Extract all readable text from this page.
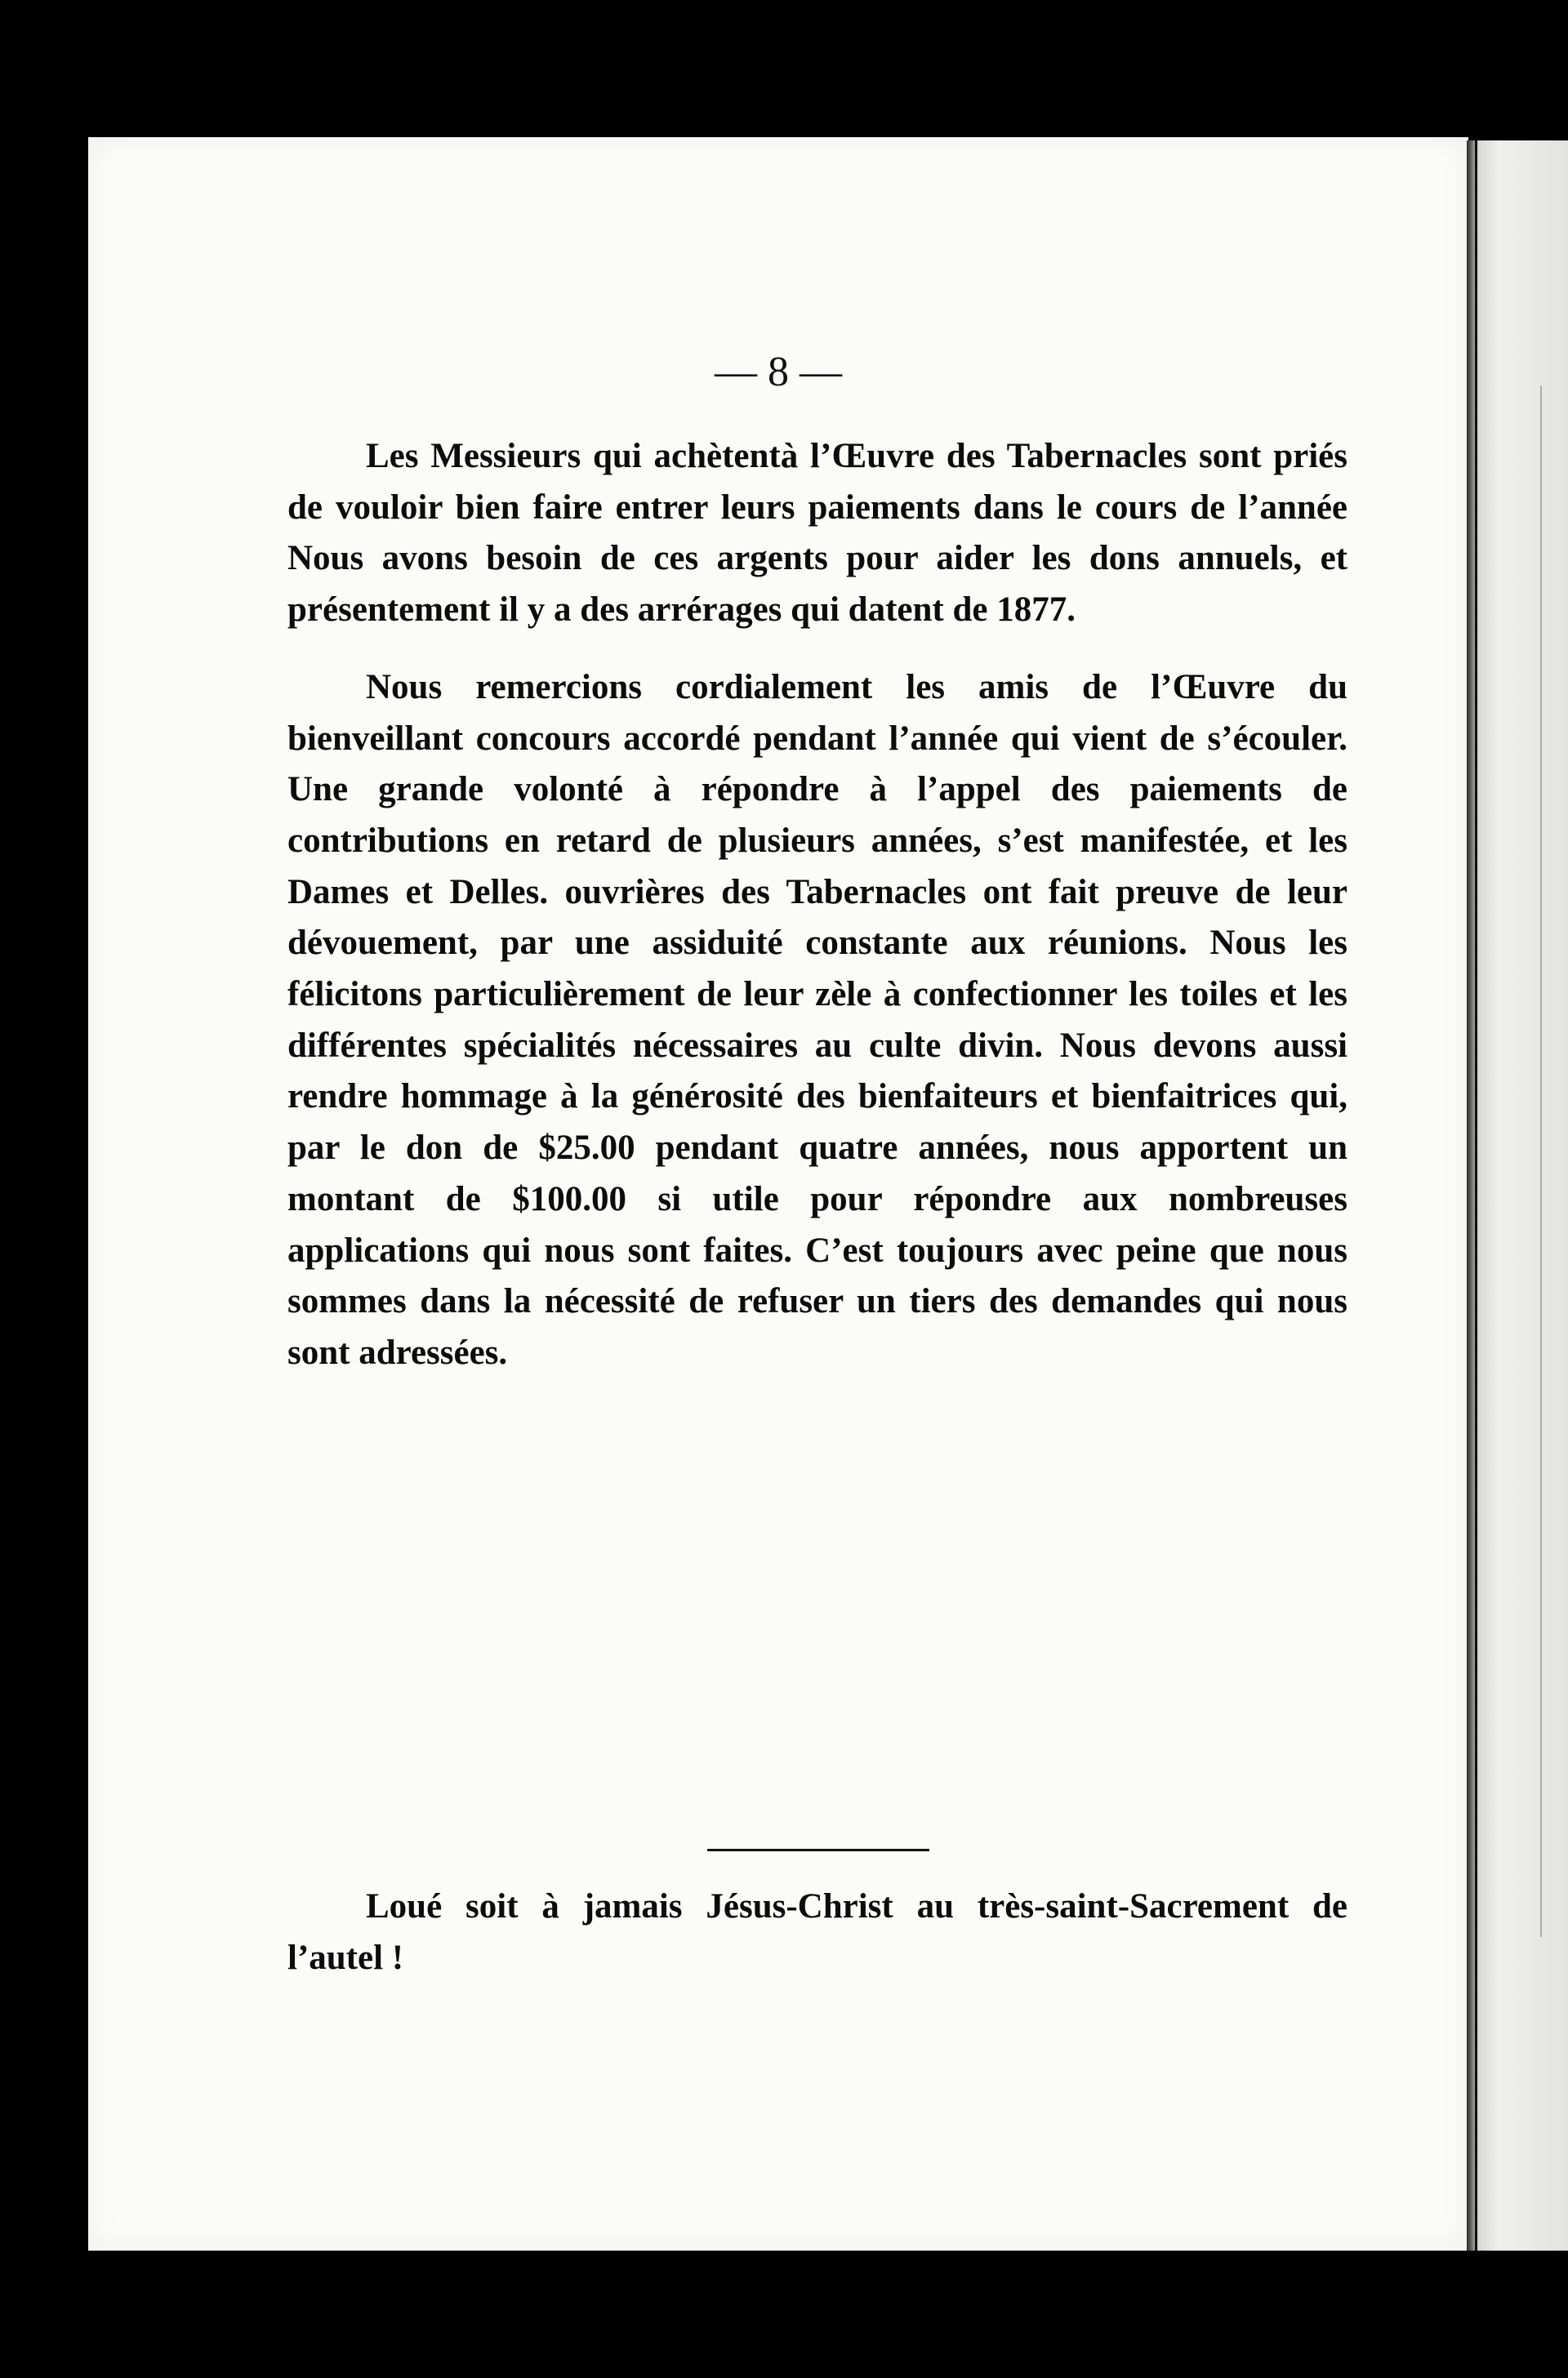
— 8 —

Les Messieurs qui achètentà l’Œuvre des Tabernacles sont priés de vouloir bien faire entrer leurs paiements dans le cours de l’année Nous avons besoin de ces argents pour aider les dons annuels, et présentement il y a des arrérages qui datent de 1877.

Nous remercions cordialement les amis de l’Œuvre du bienveillant concours accordé pendant l’année qui vient de s’écouler. Une grande volonté à répondre à l’appel des paiements de contributions en retard de plusieurs années, s’est manifestée, et les Dames et Delles. ouvrières des Tabernacles ont fait preuve de leur dévouement, par une assiduité constante aux réunions. Nous les félicitons particulièrement de leur zèle à confectionner les toiles et les différentes spécialités nécessaires au culte divin. Nous devons aussi rendre hommage à la générosité des bienfaiteurs et bienfaitrices qui, par le don de $25.00 pendant quatre années, nous apportent un montant de $100.00 si utile pour répondre aux nombreuses applications qui nous sont faites. C’est toujours avec peine que nous sommes dans la nécessité de refuser un tiers des demandes qui nous sont adressées.

Loué soit à jamais Jésus-Christ au très-saint-Sacrement de l’autel !
